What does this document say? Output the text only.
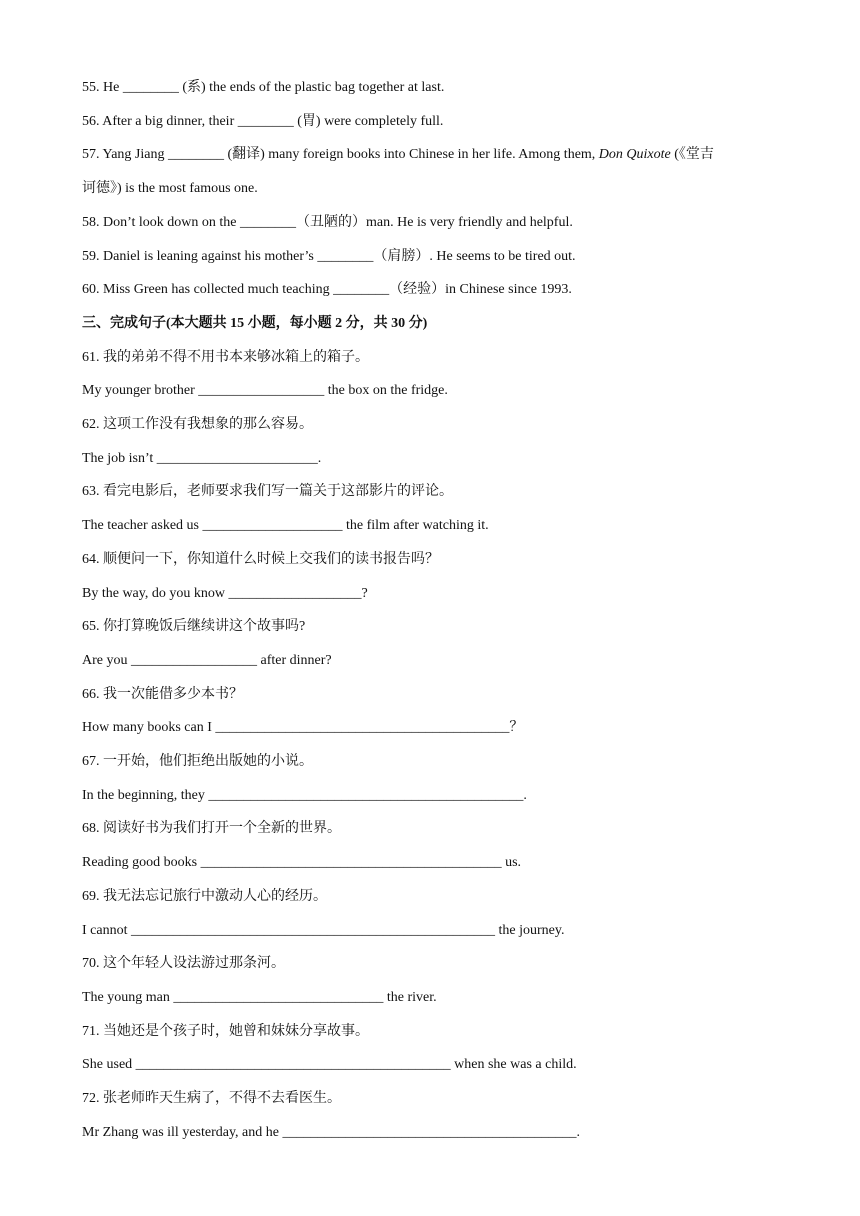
55. He ________ (系) the ends of the plastic bag together at last.
56. After a big dinner, their ________ (胃) were completely full.
57. Yang Jiang ________ (翻译) many foreign books into Chinese in her life. Among them, Don Quixote (《堂吉
诃德》) is the most famous one.
58. Don’t look down on the ________（丑陋的）man. He is very friendly and helpful.
59. Daniel is leaning against his mother’s ________（肩膀）. He seems to be tired out.
60. Miss Green has collected much teaching ________（经验）in Chinese since 1993.
三、完成句子(本大题共 15 小题，每小题 2 分，共 30 分)
61. 我的弟弟不得不用书本来够冰箱上的箱子。
My younger brother __________________ the box on the fridge.
62. 这项工作没有我想象的那么容易。
The job isn’t _______________________.
63. 看完电影后，老师要求我们写一篇关于这部影片的评论。
The teacher asked us ____________________ the film after watching it.
64. 顺便问一下，你知道什么时候上交我们的读书报告吗？
By the way, do you know ___________________?
65. 你打算晚饭后继续讲这个故事吗?
Are you __________________ after dinner?
66. 我一次能借多少本书？
How many books can I __________________________________________？
67. 一开始，他们拒绝出版她的小说。
In the beginning, they _____________________________________________.
68. 阅读好书为我们打开一个全新的世界。
Reading good books ___________________________________________ us.
69. 我无法忘记旅行中激动人心的经历。
I cannot ____________________________________________________ the journey.
70. 这个年轻人设法游过那条河。
The young man ______________________________ the river.
71. 当她还是个孩子时，她曾和妹妹分享故事。
She used _____________________________________________ when she was a child.
72. 张老师昨天生病了，不得不去看医生。
Mr Zhang was ill yesterday, and he __________________________________________.
